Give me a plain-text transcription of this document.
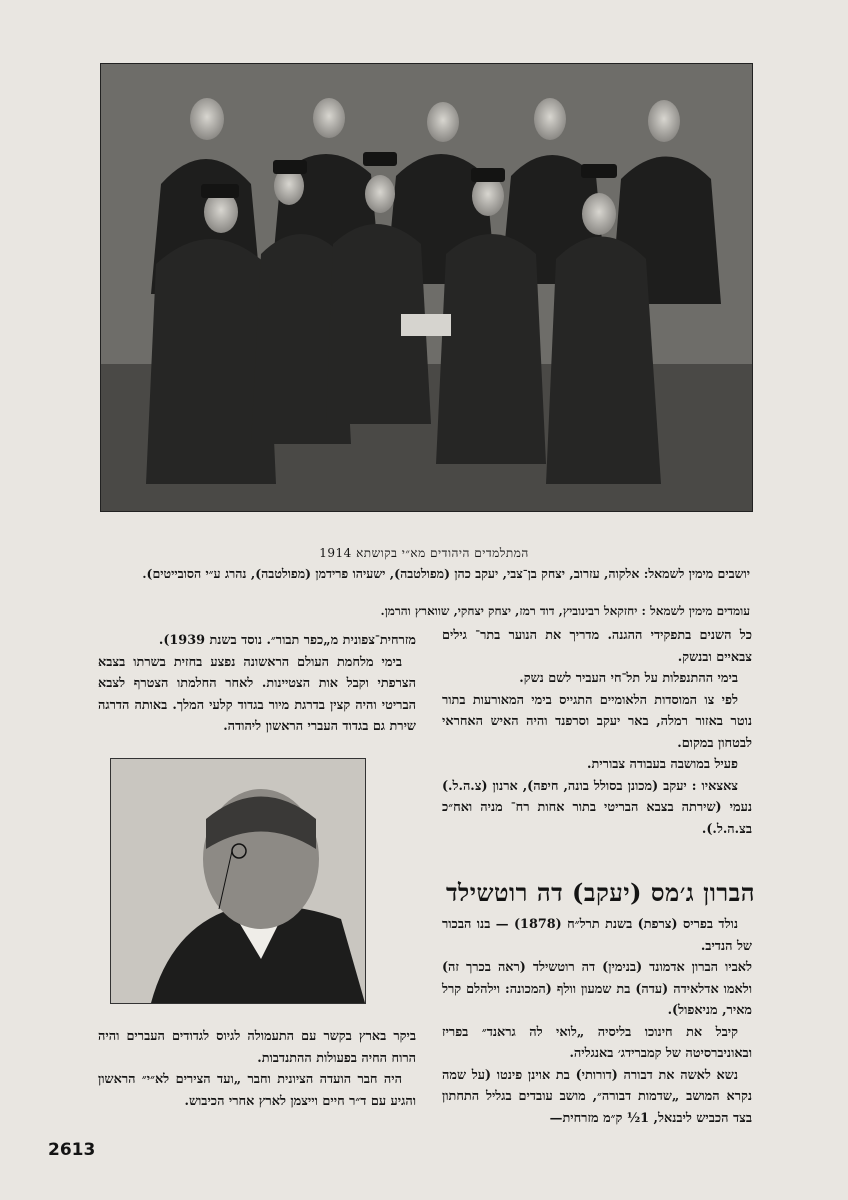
המתלמדים היהודים מא״י בקושתא 1914
יושבים מימין לשמאל: אלקוה, עזרוב, יצחק בן־צבי, יעקב כהן (מפולטבה), ישעיהו פרידמן (מפולטבה), נהרג ע״י הסובייטים).
עומדים מימין לשמאל : יחזקאל רבינוביץ, דוד רמז, יצחק יצחקי, שווארץ והרמן.

כל השנים בתפקידי ההגנה. מדריך את הנוער בתר־ גילים צבאיים ובנשק.

בימי ההתנפלות על תל־חי העביר לשם נשק.

לפי צו המוסדות הלאומיים התגייס בימי המאורעות בתור נוטר באזור רמלה, באר יעקב וסרפנד והיה האיש האחראי לבטחון במקום.

פעיל במושבה בעבודה צבורית.

צאצאיו : יעקב (מכונן בסולל בונה, חיפה), ארנון (צ.ה.ל.) נעמי (שירתה בצבא הבריטי בתור אחות רח־ מניה ואח״כ בצ.ה.ל.).

מזרחית־צפונית מ„כפר תבור״. נוסד בשנת 1939).

בימי מלחמת העולם הראשונה נפצע בחזית בשרתו בצבא הצרפתי וקבל אות הצטיינות. לאחר החלמתו הצטרף לצבא הבריטי והיה קצין בדרגת מיור בגדוד קלעי המלך. באותה הדרגה שירת גם בגדוד העברי הראשון ליהודה.

הברון ג׳מס (יעקב) דה רוטשילד

נולד בפריס (צרפת) בשנת תרל״ח (1878) — בנו הבכור של הנדיב.

לאביו הברון אדמונד (בנימין) דה רוטשילד (ראה בכרך זה) ולאמו אדלאידה (עדה) בת שמעון וולף (המכונה: וילהלם קרל מאיר, מניאפול).

קיבל את חינוכו בליסיה „לואי לה גראנד״ בפריז ובאוניברסיטה של קמברידג׳ באנגליה.

נשא לאשה את דבורה (דורותי) בת אוינן פינטו (על שמה נקרא המושב „שדמות דבורה״, מושב עובדים בגליל התחתון בצד הכביש ליבנאל, 1½ ק״מ מזרחית—

ביקר בארץ בקשר עם התעמולה לגיוס לגדודים העברים והיה הרוח החיה בפעולות ההתנדבות.

היה חבר הועדה הציונית וחבר „ועד הצירים לא״י״ הראשון והגיע עם ד״ר חיים וייצמן לארץ אחרי הכיבוש.

2613
